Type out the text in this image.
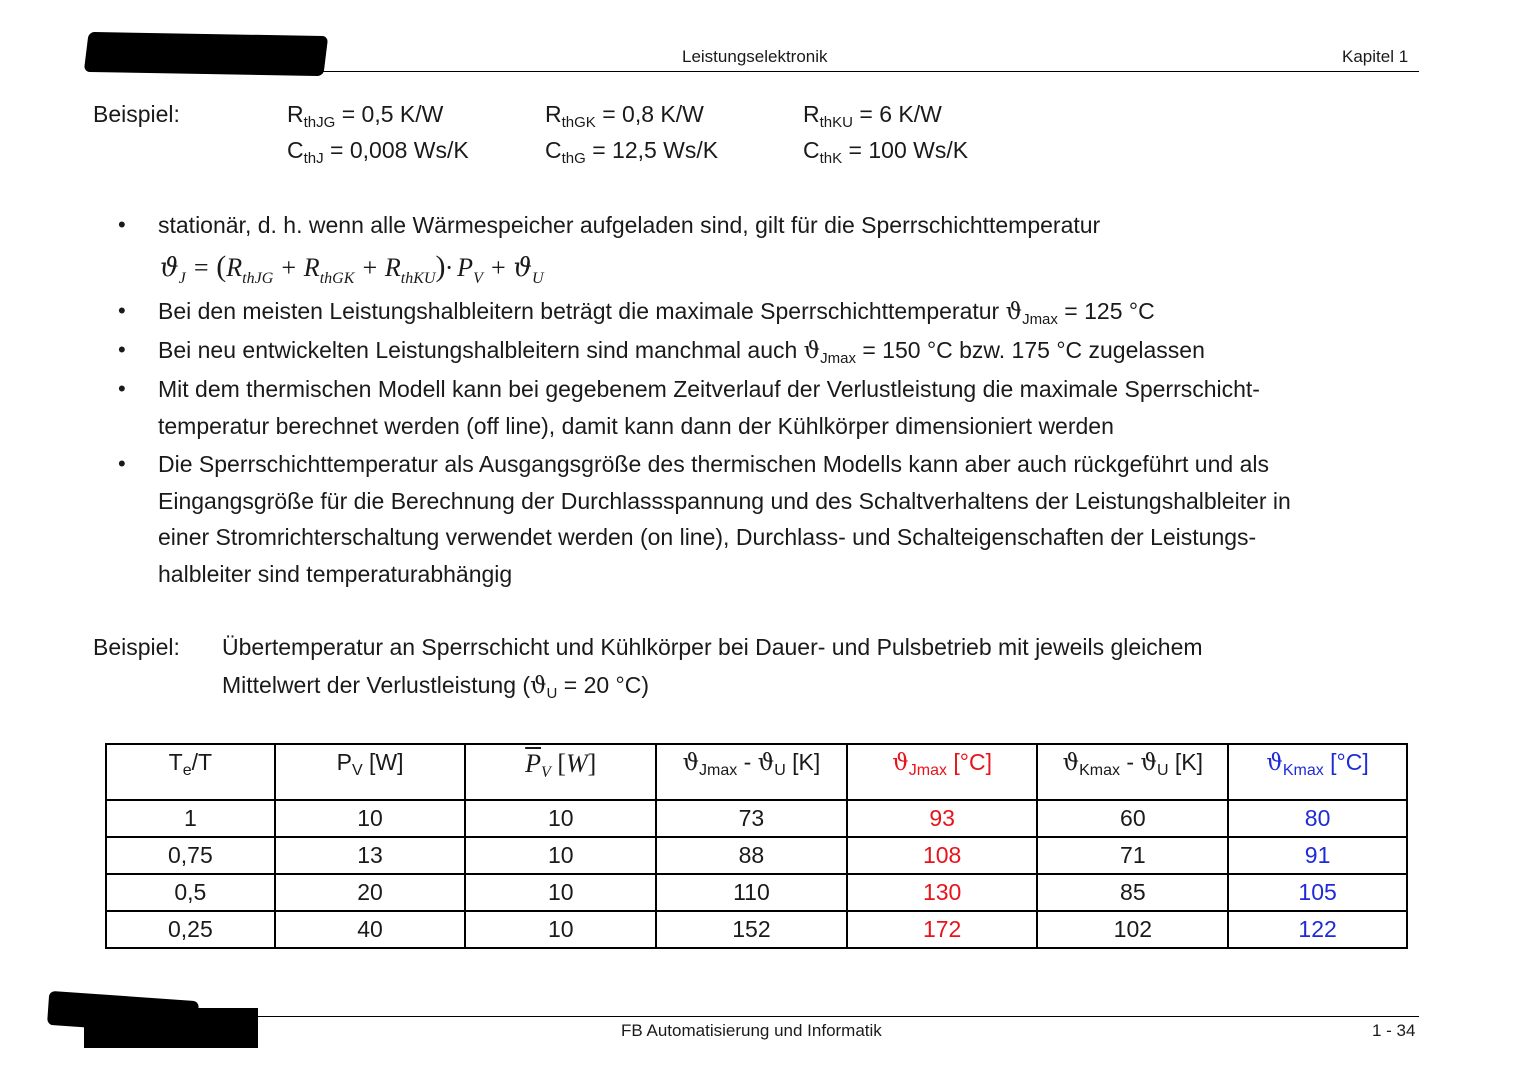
Leistungselektronik	Kapitel 1
Beispiel:	$R_{thJG} = 0,5$ K/W	$R_{thGK} = 0,8$ K/W	$R_{thKU} = 6$ K/W
$C_{thJ} = 0,008$ Ws/K	$C_{thG} = 12,5$ Ws/K	$C_{thK} = 100$ Ws/K
• stationär, d. h. wenn alle Wärmespeicher aufgeladen sind, gilt für die Sperrschichttemperatur
$ϑ_J = (R_{thJG} + R_{thGK} + R_{thKU})\cdot P_V + ϑ_U$
• Bei den meisten Leistungshalbleitern beträgt die maximale Sperrschichttemperatur $ϑ_{Jmax} = 125$ °C
• Bei neu entwickelten Leistungshalbleitern sind manchmal auch $ϑ_{Jmax} = 150$ °C bzw. 175 °C zugelassen
• Mit dem thermischen Modell kann bei gegebenem Zeitverlauf der Verlustleistung die maximale Sperrschicht-
temperatur berechnet werden (off line), damit kann dann der Kühlkörper dimensioniert werden
• Die Sperrschichttemperatur als Ausgangsgröße des thermischen Modells kann aber auch rückgeführt und als
Eingangsgröße für die Berechnung der Durchlassspannung und des Schaltverhaltens der Leistungshalbleiter in
einer Stromrichterschaltung verwendet werden (on line), Durchlass- und Schalteigenschaften der Leistungs-
halbleiter sind temperaturabhängig
Beispiel: Übertemperatur an Sperrschicht und Kühlkörper bei Dauer- und Pulsbetrieb mit jeweils gleichem
Mittelwert der Verlustleistung ($ϑ_U = 20$ °C)
$T_e/T$	$P_V$ [W]	$\overline{P}V$ [W]	$ϑ_{Jmax} - ϑ_U$ [K]	$ϑ_{Jmax}$ [°C]	$ϑ_{Kmax} - ϑ_U$ [K]	$ϑ_{Kmax}$ [°C]
1	10	10	73	93	60	80
0,75	13	10	88	108	71	91
0,5	20	10	110	130	85	105
0,25	40	10	152	172	102	122
FB Automatisierung und Informatik	1 - 34
